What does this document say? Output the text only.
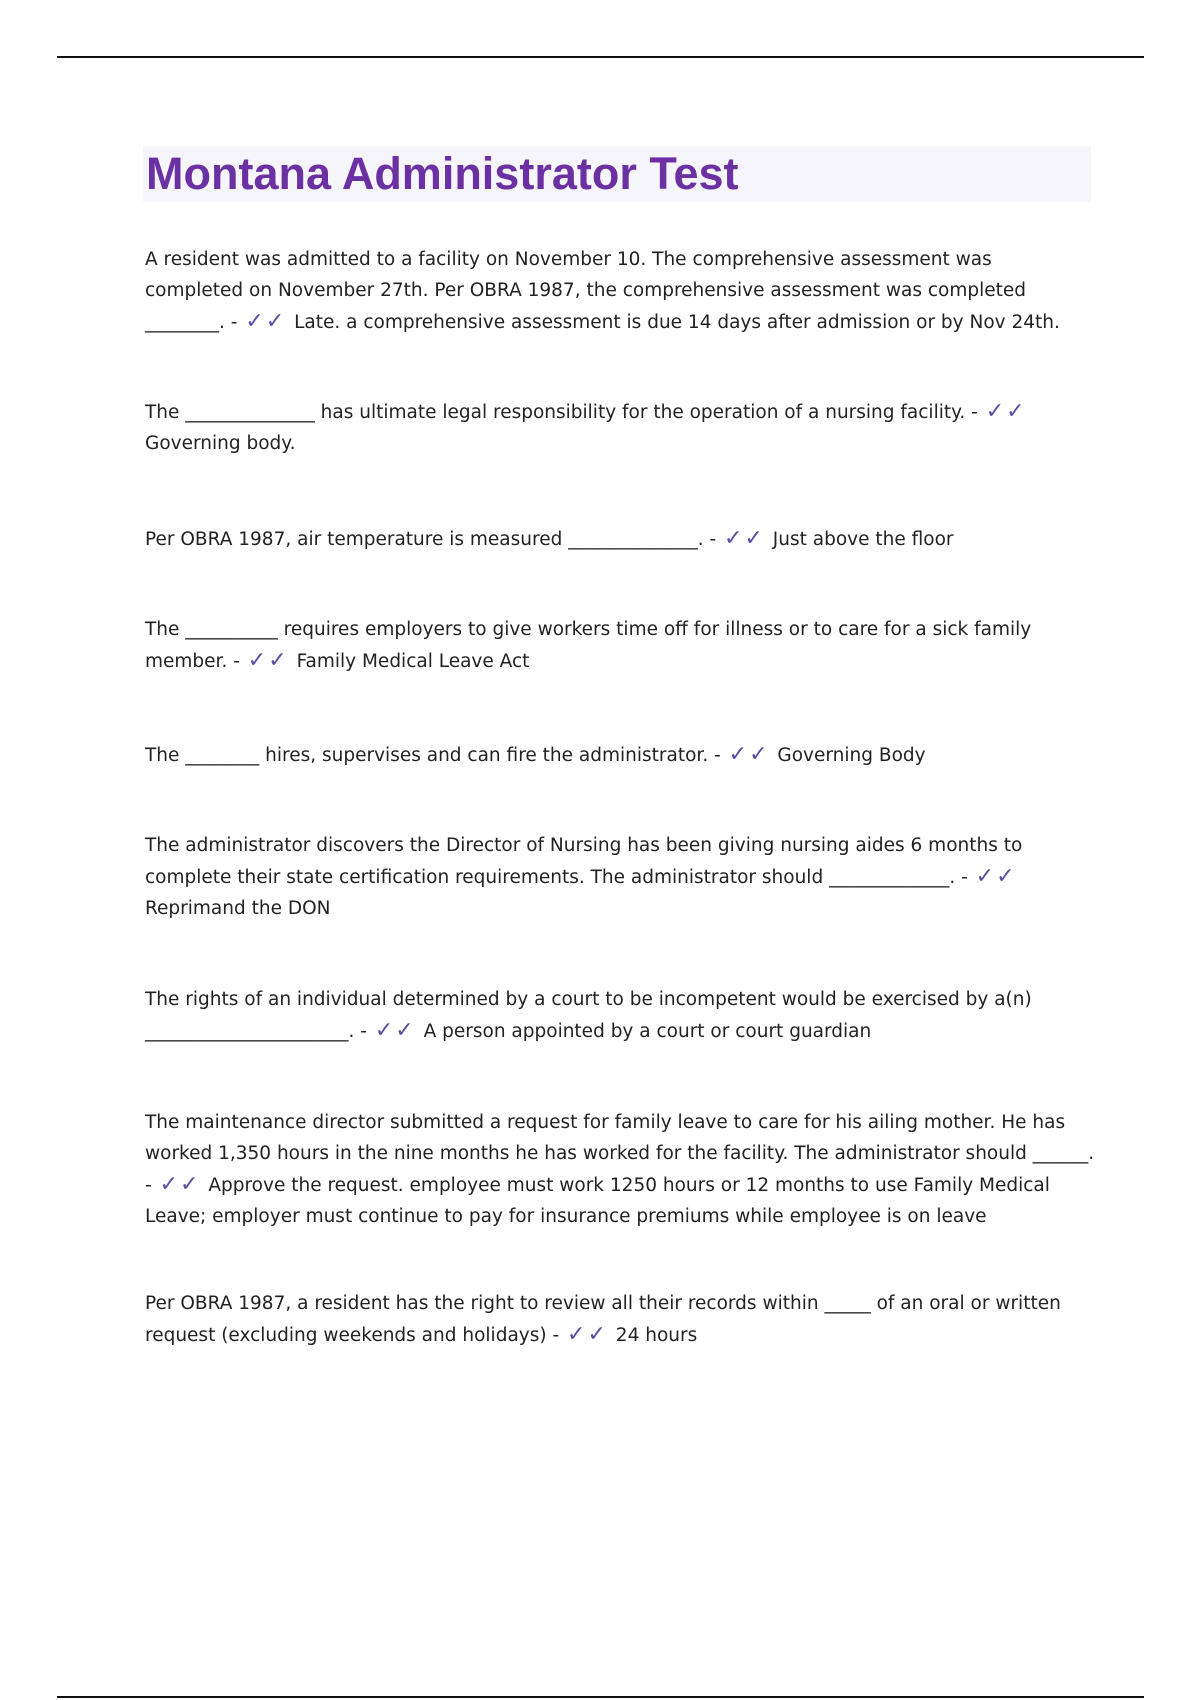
Montana Administrator Test

A resident was admitted to a facility on November 10. The comprehensive assessment was completed on November 27th. Per OBRA 1987, the comprehensive assessment was completed ________. - ✓✓ Late. a comprehensive assessment is due 14 days after admission or by Nov 24th.

The ______________ has ultimate legal responsibility for the operation of a nursing facility. - ✓✓ Governing body.

Per OBRA 1987, air temperature is measured ______________. - ✓✓ Just above the floor

The __________ requires employers to give workers time off for illness or to care for a sick family member. - ✓✓ Family Medical Leave Act

The ________ hires, supervises and can fire the administrator. - ✓✓ Governing Body

The administrator discovers the Director of Nursing has been giving nursing aides 6 months to complete their state certification requirements. The administrator should _____________. - ✓✓ Reprimand the DON

The rights of an individual determined by a court to be incompetent would be exercised by a(n) ______________________. - ✓✓ A person appointed by a court or court guardian

The maintenance director submitted a request for family leave to care for his ailing mother. He has worked 1,350 hours in the nine months he has worked for the facility. The administrator should ______. - ✓✓ Approve the request. employee must work 1250 hours or 12 months to use Family Medical Leave; employer must continue to pay for insurance premiums while employee is on leave

Per OBRA 1987, a resident has the right to review all their records within _____ of an oral or written request (excluding weekends and holidays) - ✓✓ 24 hours
